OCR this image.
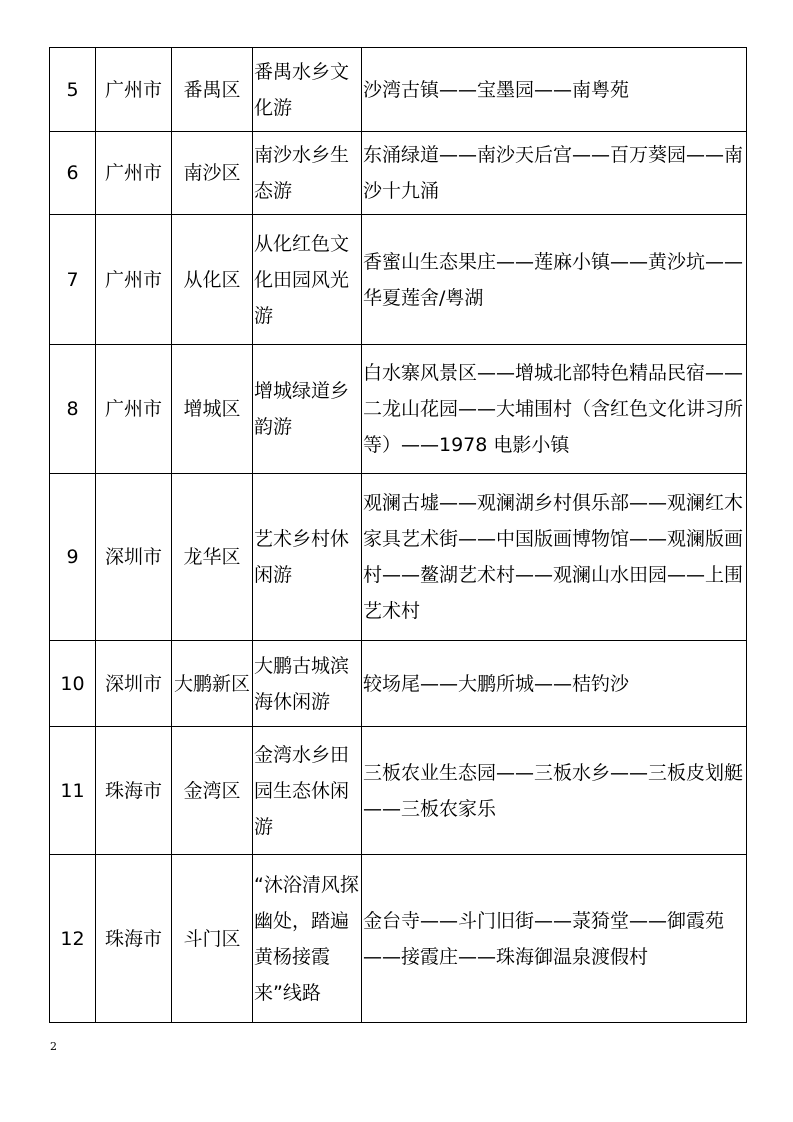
5	广州市	番禺区	番禺水乡文化游	沙湾古镇——宝墨园——南粤苑
6	广州市	南沙区	南沙水乡生态游	东涌绿道——南沙天后宫——百万葵园——南沙十九涌
7	广州市	从化区	从化红色文化田园风光游	香蜜山生态果庄——莲麻小镇——黄沙坑——华夏莲舍/粤湖
8	广州市	增城区	增城绿道乡韵游	白水寨风景区——增城北部特色精品民宿——二龙山花园——大埔围村（含红色文化讲习所等）——1978 电影小镇
9	深圳市	龙华区	艺术乡村休闲游	观澜古墟——观澜湖乡村俱乐部——观澜红木家具艺术街——中国版画博物馆——观澜版画村——鳌湖艺术村——观澜山水田园——上围艺术村
10	深圳市	大鹏新区	大鹏古城滨海休闲游	较场尾——大鹏所城——桔钓沙
11	珠海市	金湾区	金湾水乡田园生态休闲游	三板农业生态园——三板水乡——三板皮划艇——三板农家乐
12	珠海市	斗门区	“沐浴清风探幽处，踏遍黄杨接霞来”线路	金台寺——斗门旧街——菉猗堂——御霞苑——接霞庄——珠海御温泉渡假村
2
